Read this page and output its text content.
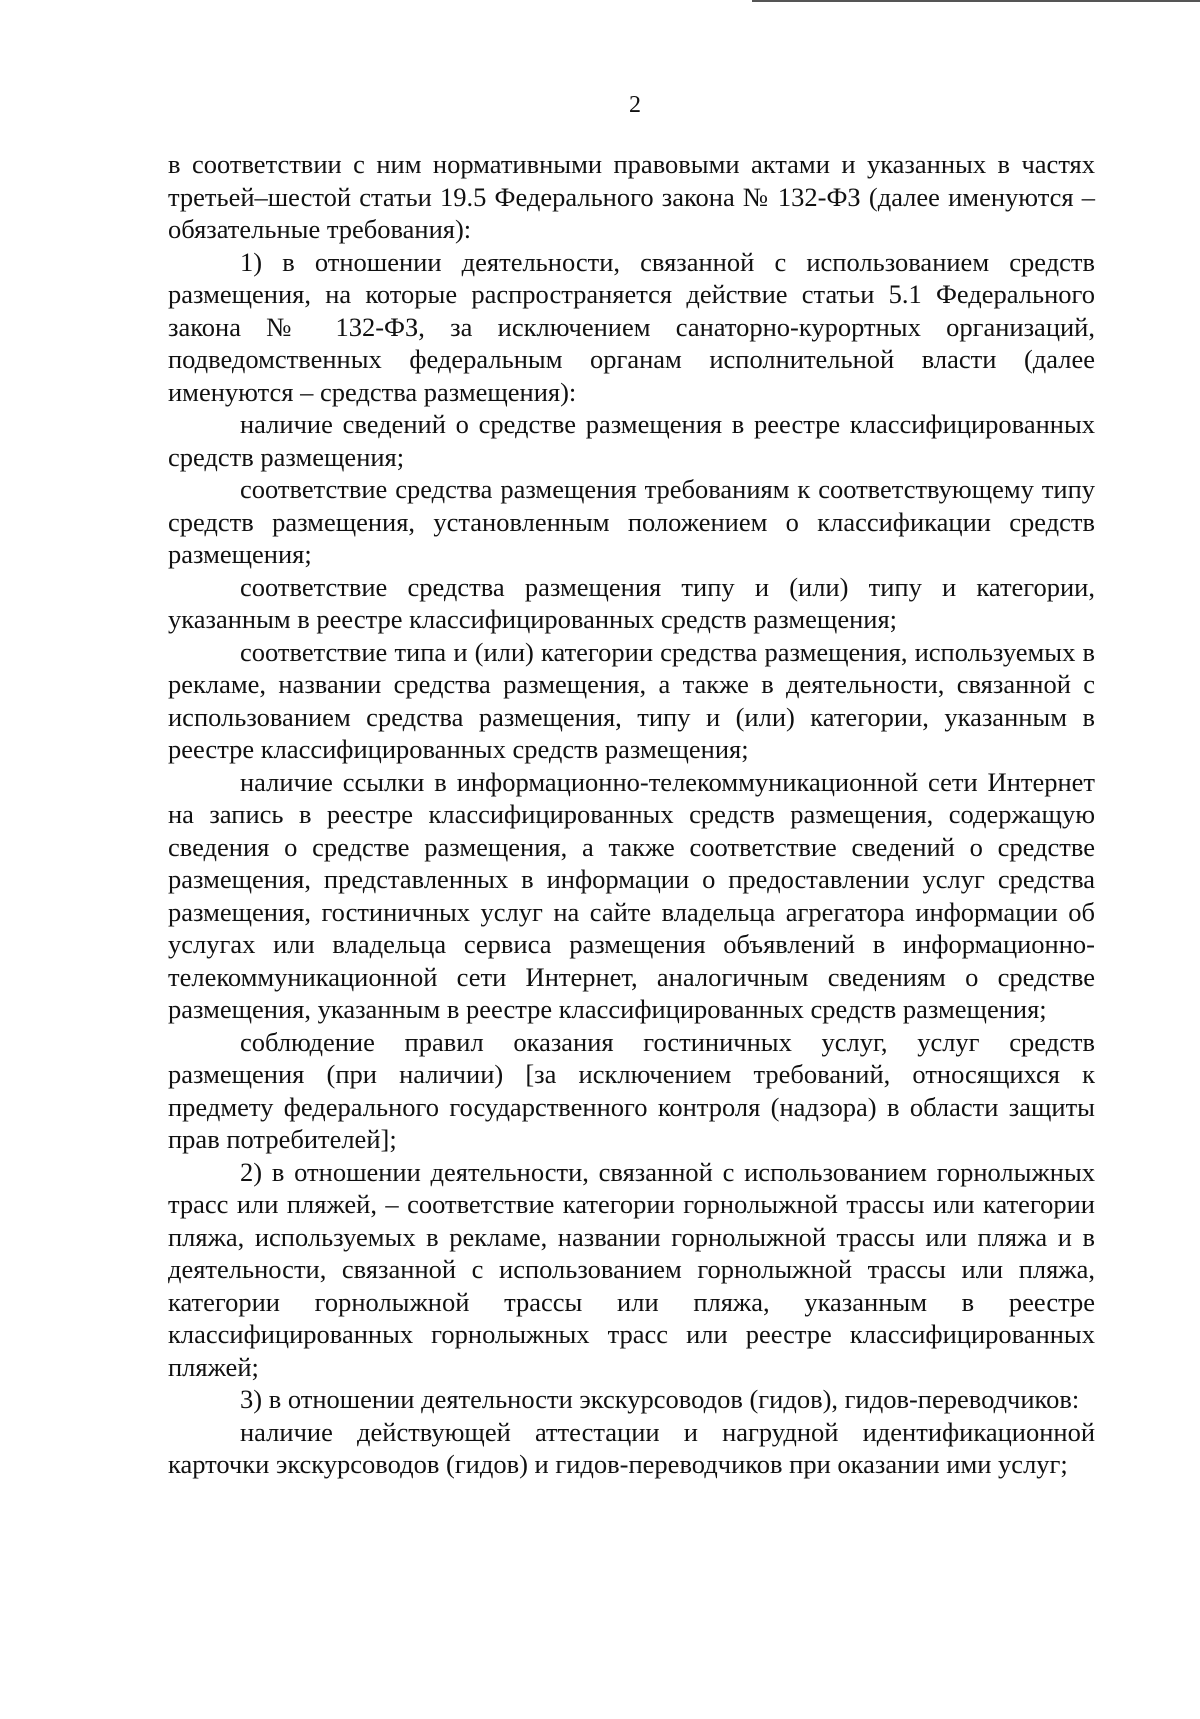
2

в соответствии с ним нормативными правовыми актами и указанных в частях третьей–шестой статьи 19.5 Федерального закона № 132-ФЗ (далее именуются – обязательные требования):

1) в отношении деятельности, связанной с использованием средств размещения, на которые распространяется действие статьи 5.1 Федерального закона № 132-ФЗ, за исключением санаторно-курортных организаций, подведомственных федеральным органам исполнительной власти (далее именуются – средства размещения):

наличие сведений о средстве размещения в реестре классифицированных средств размещения;

соответствие средства размещения требованиям к соответствующему типу средств размещения, установленным положением о классификации средств размещения;

соответствие средства размещения типу и (или) типу и категории, указанным в реестре классифицированных средств размещения;

соответствие типа и (или) категории средства размещения, используемых в рекламе, названии средства размещения, а также в деятельности, связанной с использованием средства размещения, типу и (или) категории, указанным в реестре классифицированных средств размещения;

наличие ссылки в информационно-телекоммуникационной сети Интернет на запись в реестре классифицированных средств размещения, содержащую сведения о средстве размещения, а также соответствие сведений о средстве размещения, представленных в информации о предоставлении услуг средства размещения, гостиничных услуг на сайте владельца агрегатора информации об услугах или владельца сервиса размещения объявлений в информационно-телекоммуникационной сети Интернет, аналогичным сведениям о средстве размещения, указанным в реестре классифицированных средств размещения;

соблюдение правил оказания гостиничных услуг, услуг средств размещения (при наличии) [за исключением требований, относящихся к предмету федерального государственного контроля (надзора) в области защиты прав потребителей];

2) в отношении деятельности, связанной с использованием горнолыжных трасс или пляжей, – соответствие категории горнолыжной трассы или категории пляжа, используемых в рекламе, названии горнолыжной трассы или пляжа и в деятельности, связанной с использованием горнолыжной трассы или пляжа, категории горнолыжной трассы или пляжа, указанным в реестре классифицированных горнолыжных трасс или реестре классифицированных пляжей;

3) в отношении деятельности экскурсоводов (гидов), гидов-переводчиков:

наличие действующей аттестации и нагрудной идентификационной карточки экскурсоводов (гидов) и гидов-переводчиков при оказании ими услуг;
